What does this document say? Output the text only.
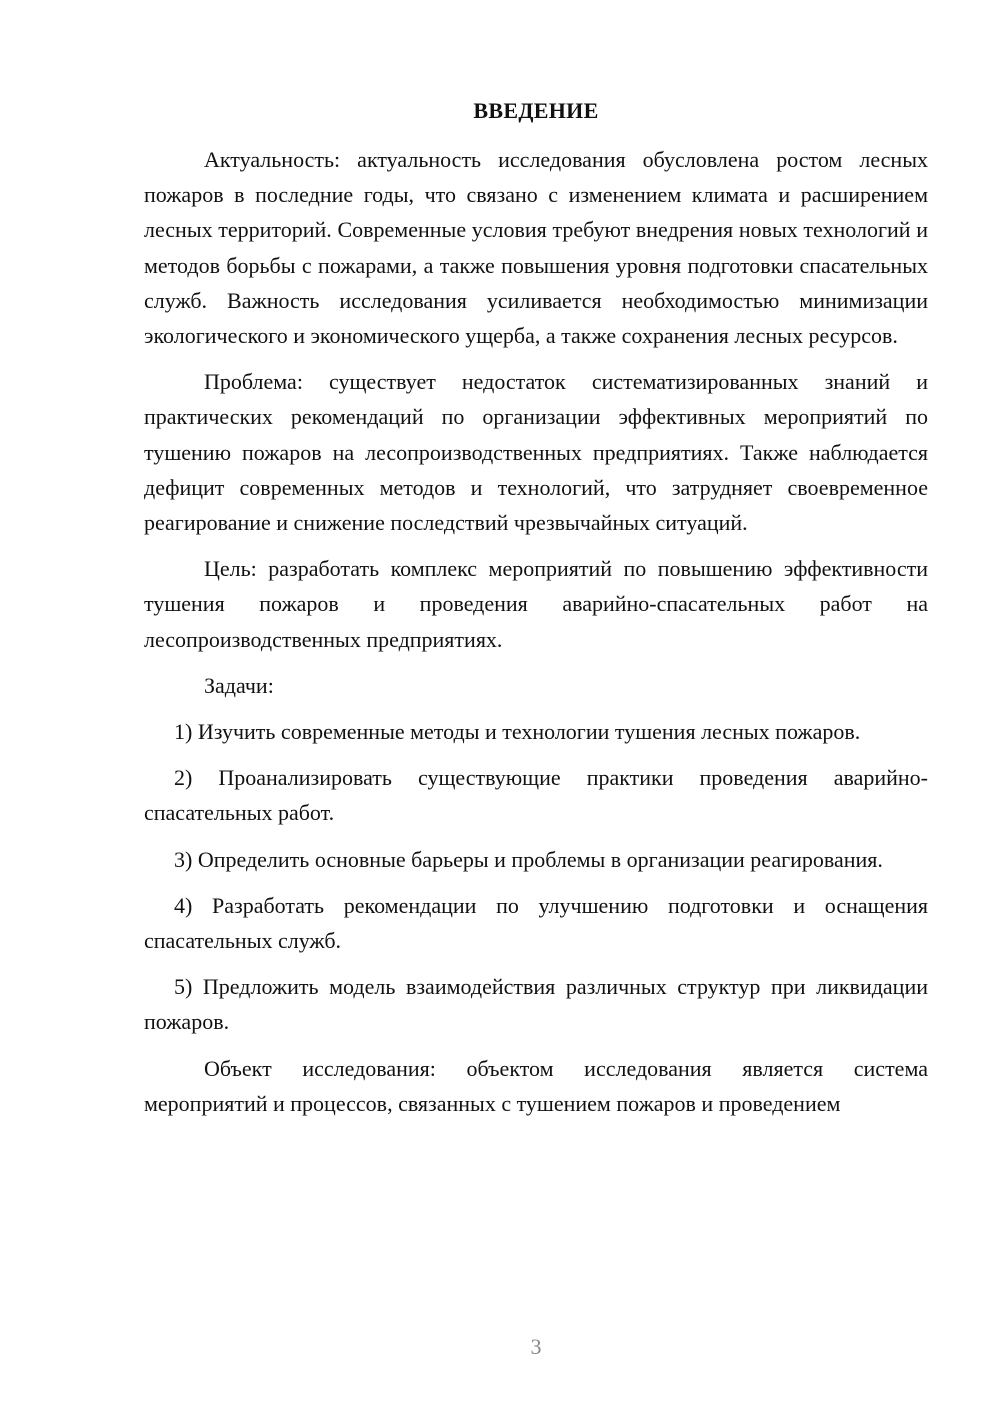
ВВЕДЕНИЕ

Актуальность: актуальность исследования обусловлена ростом лесных пожаров в последние годы, что связано с изменением климата и расширением лесных территорий. Современные условия требуют внедрения новых технологий и методов борьбы с пожарами, а также повышения уровня подготовки спасательных служб. Важность исследования усиливается необходимостью минимизации экологического и экономического ущерба, а также сохранения лесных ресурсов.

Проблема: существует недостаток систематизированных знаний и практических рекомендаций по организации эффективных мероприятий по тушению пожаров на лесопроизводственных предприятиях. Также наблюдается дефицит современных методов и технологий, что затрудняет своевременное реагирование и снижение последствий чрезвычайных ситуаций.

Цель: разработать комплекс мероприятий по повышению эффективности тушения пожаров и проведения аварийно-спасательных работ на лесопроизводственных предприятиях.

Задачи:

1) Изучить современные методы и технологии тушения лесных пожаров.

2) Проанализировать существующие практики проведения аварийно-спасательных работ.

3) Определить основные барьеры и проблемы в организации реагирования.

4) Разработать рекомендации по улучшению подготовки и оснащения спасательных служб.

5) Предложить модель взаимодействия различных структур при ликвидации пожаров.

Объект исследования: объектом исследования является система мероприятий и процессов, связанных с тушением пожаров и проведением

3
